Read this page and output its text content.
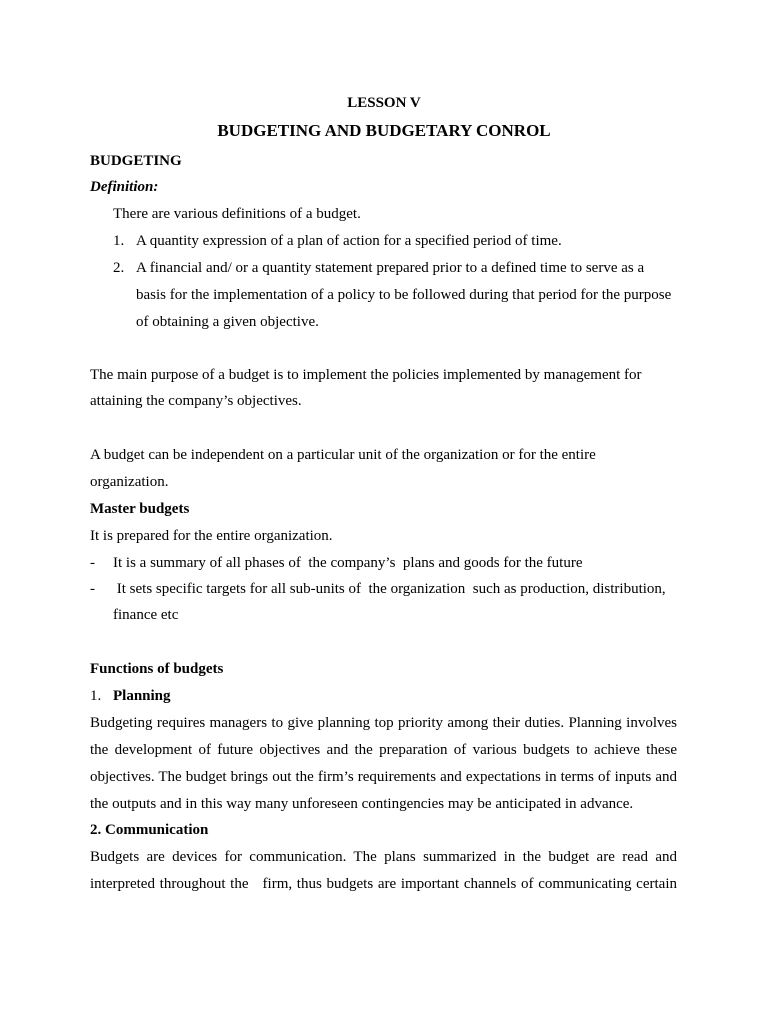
LESSON V
BUDGETING AND BUDGETARY CONROL
BUDGETING
Definition:
There are various definitions of a budget.
1. A quantity expression of a plan of action for a specified period of time.
2. A financial and/ or a quantity statement prepared prior to a defined time to serve as a
basis for the implementation of a policy to be followed during that period for the purpose
of obtaining a given objective.
The main purpose of a budget is to implement the policies implemented by management for
attaining the company’s objectives.
A budget can be independent on a particular unit of the organization or for the entire
organization.
Master budgets
It is prepared for the entire organization.
- It is a summary of all phases of  the company’s  plans and goods for the future
- It sets specific targets for all sub-units of  the organization  such as production, distribution,
finance etc
Functions of budgets
1. Planning
Budgeting requires managers to give planning top priority among their duties. Planning involves
the development of future objectives and the preparation of various budgets to achieve these
objectives. The budget brings out the firm’s requirements and expectations in terms of inputs and
the outputs and in this way many unforeseen contingencies may be anticipated in advance.
2. Communication
Budgets are devices for communication. The plans summarized in the budget are read and
interpreted throughout the   firm, thus budgets are important channels of communicating certain
